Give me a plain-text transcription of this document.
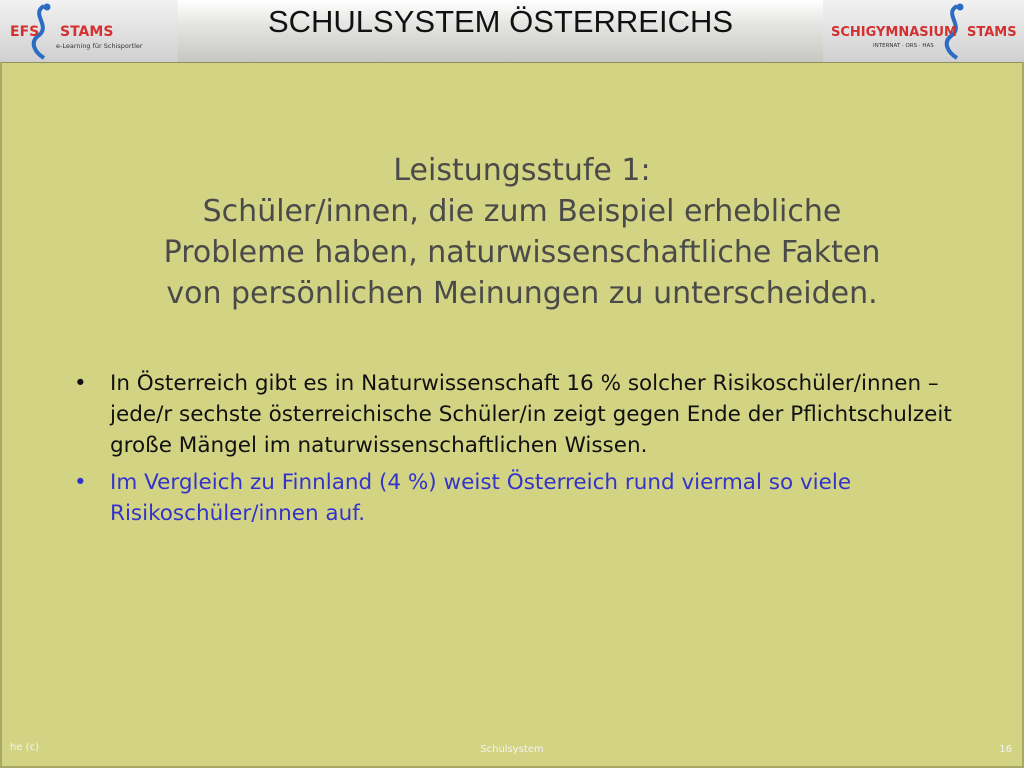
EFS STAMS
e-Learning für Schisportler
SCHULSYSTEM ÖSTERREICHS	SCHIGYMNASIUM STAMS
INTERNAT · ORS · HAS
Leistungsstufe 1:
Schüler/innen, die zum Beispiel erhebliche
Probleme haben, naturwissenschaftliche Fakten
von persönlichen Meinungen zu unterscheiden.
• In Österreich gibt es in Naturwissenschaft 16 % solcher Risikoschüler/innen – jede/r sechste österreichische Schüler/in zeigt gegen Ende der Pflichtschulzeit große Mängel im naturwissenschaftlichen Wissen.
• Im Vergleich zu Finnland (4 %) weist Österreich rund viermal so viele Risikoschüler/innen auf.
he (c)	Schulsystem	16
